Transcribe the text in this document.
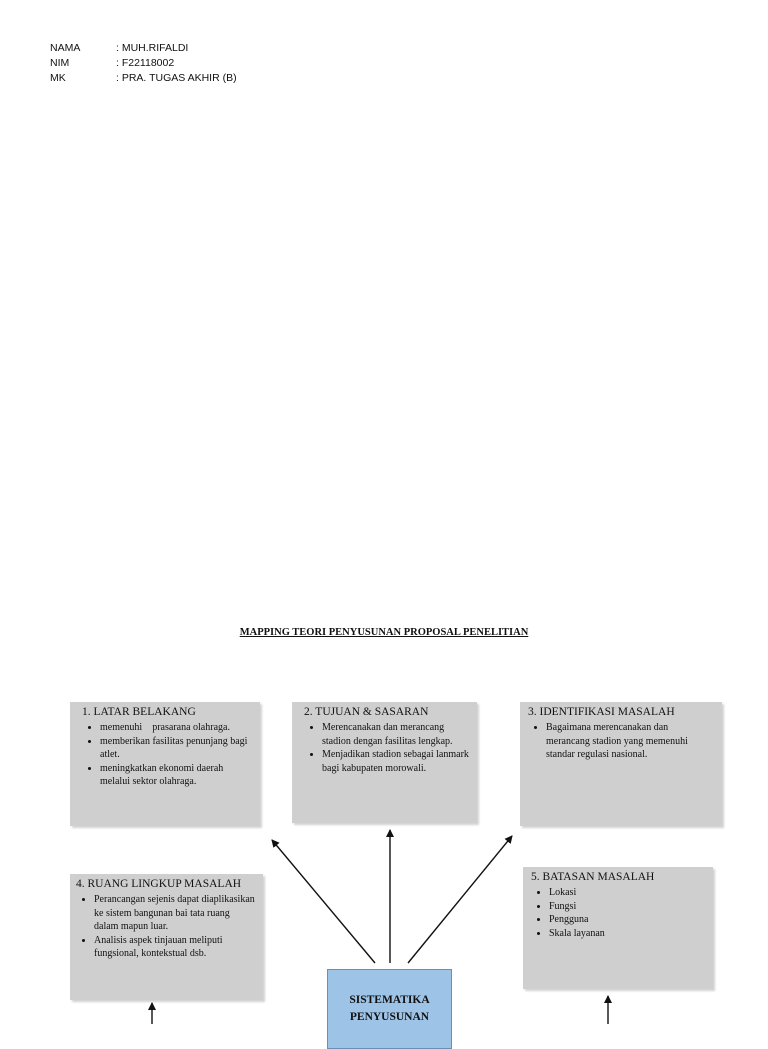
NAMA	: MUH.RIFALDI
NIM	: F22118002
MK	: PRA. TUGAS AKHIR (B)
MAPPING TEORI PENYUSUNAN PROPOSAL PENELITIAN
1. LATAR BELAKANG
• memenuhi    prasarana olahraga.
• memberikan fasilitas penunjang bagi atlet.
• meningkatkan ekonomi daerah melalui sektor olahraga.
2. TUJUAN & SASARAN
• Merencanakan dan merancang stadion dengan fasilitas lengkap.
• Menjadikan stadion sebagai lanmark bagi kabupaten morowali.
3. IDENTIFIKASI MASALAH
• Bagaimana merencanakan dan merancang stadion yang memenuhi standar regulasi nasional.
4. RUANG LINGKUP MASALAH
• Perancangan sejenis dapat diaplikasikan ke sistem bangunan bai tata ruang dalam mapun luar.
• Analisis aspek tinjauan meliputi fungsional, kontekstual dsb.
5. BATASAN MASALAH
• Lokasi
• Fungsi
• Pengguna
• Skala layanan
SISTEMATIKA
PENYUSUNAN
